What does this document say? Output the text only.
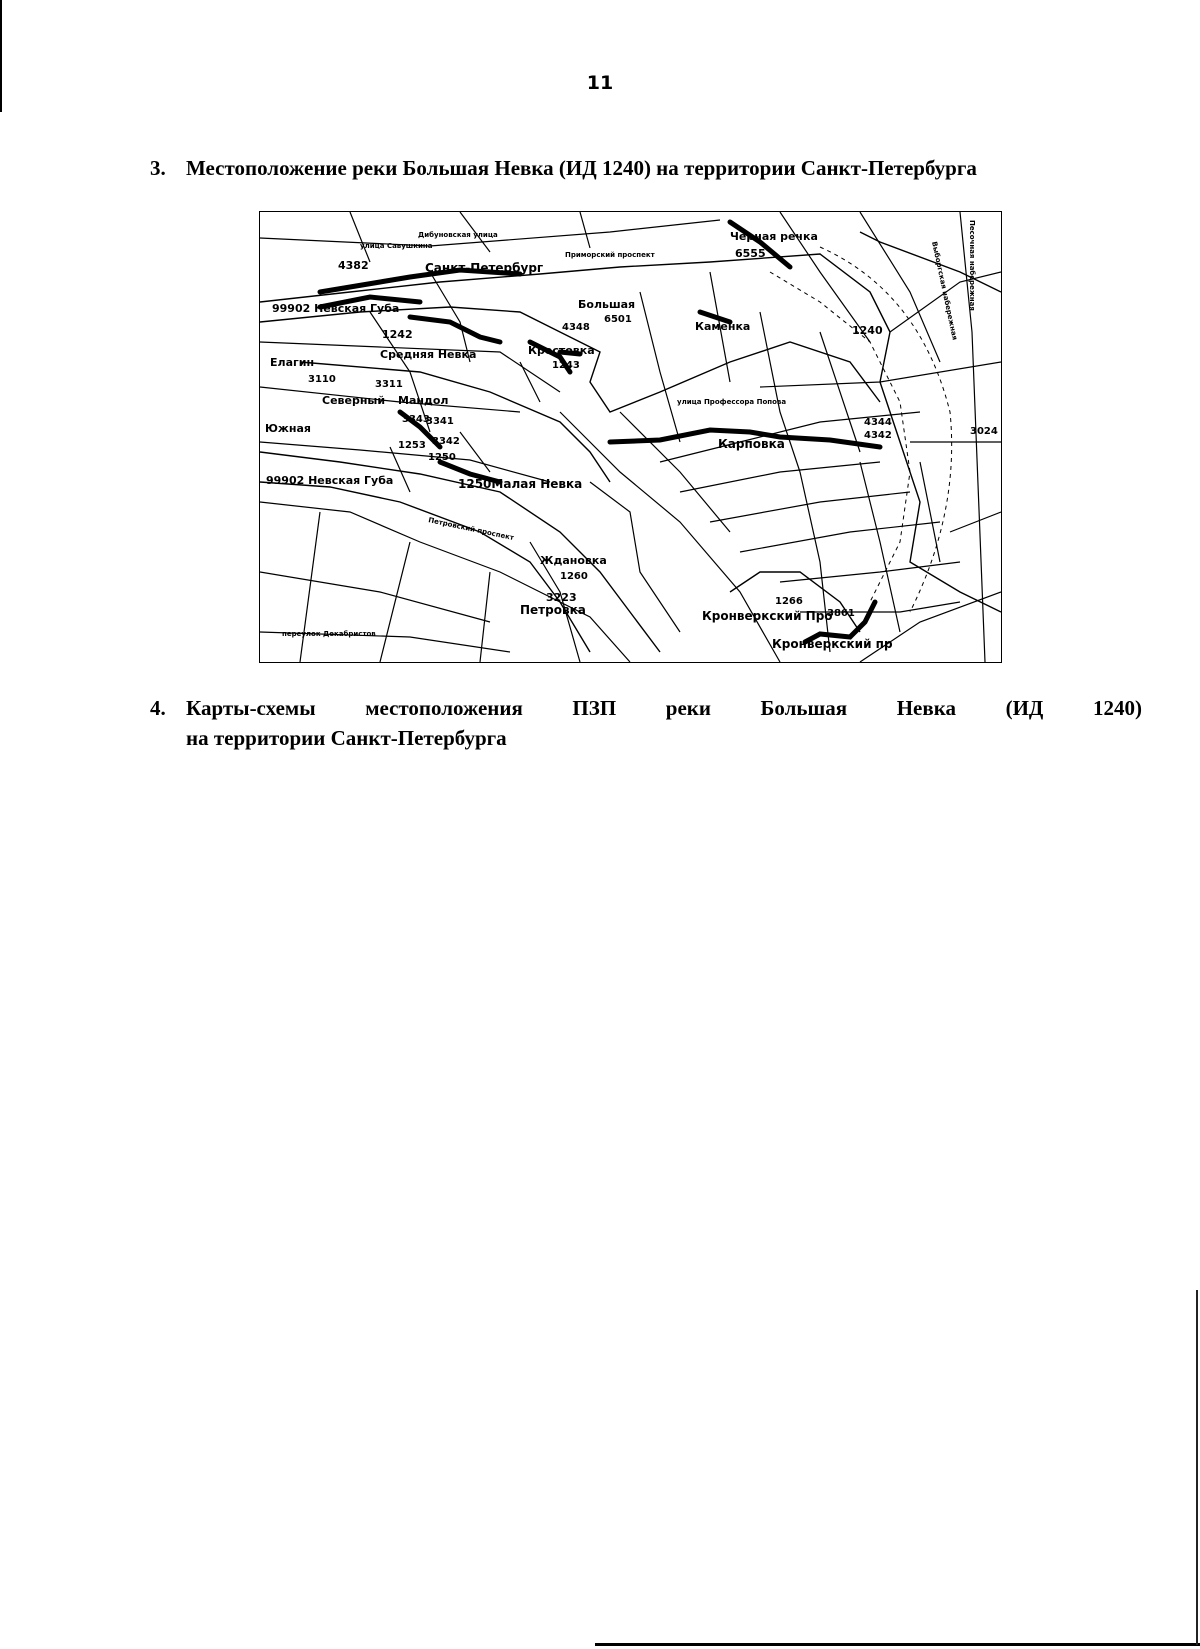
11
3. Местоположение реки Большая Невка (ИД 1240) на территории Санкт-Петербурга
Дибуновская улица
улица Савушкина
4382	Санкт-Петербург
Приморский проспект
Черная речка
6555
99902 Невская Губа
1242
Большая
4348
6501
Каменка	1240
Средняя Невка	Крестовка
1243
Елагин
3110	3311
Северный Мандол
3343
3341
Южная
1253 3342
1250
улица Профессора Попова
4344
4342
Карповка
3024
99902 Невская Губа	1250Малая Невка
Петровский проспект
Ждановка
1260
3223
Петровка	Кронверкский Про
1266
3861
Кронверкский пр
переулок Декабристов
Песочная набережная
Выборгская набережная
4. Карты-схемы местоположения ПЗП реки Большая Невка (ИД 1240)
на территории Санкт-Петербурга
